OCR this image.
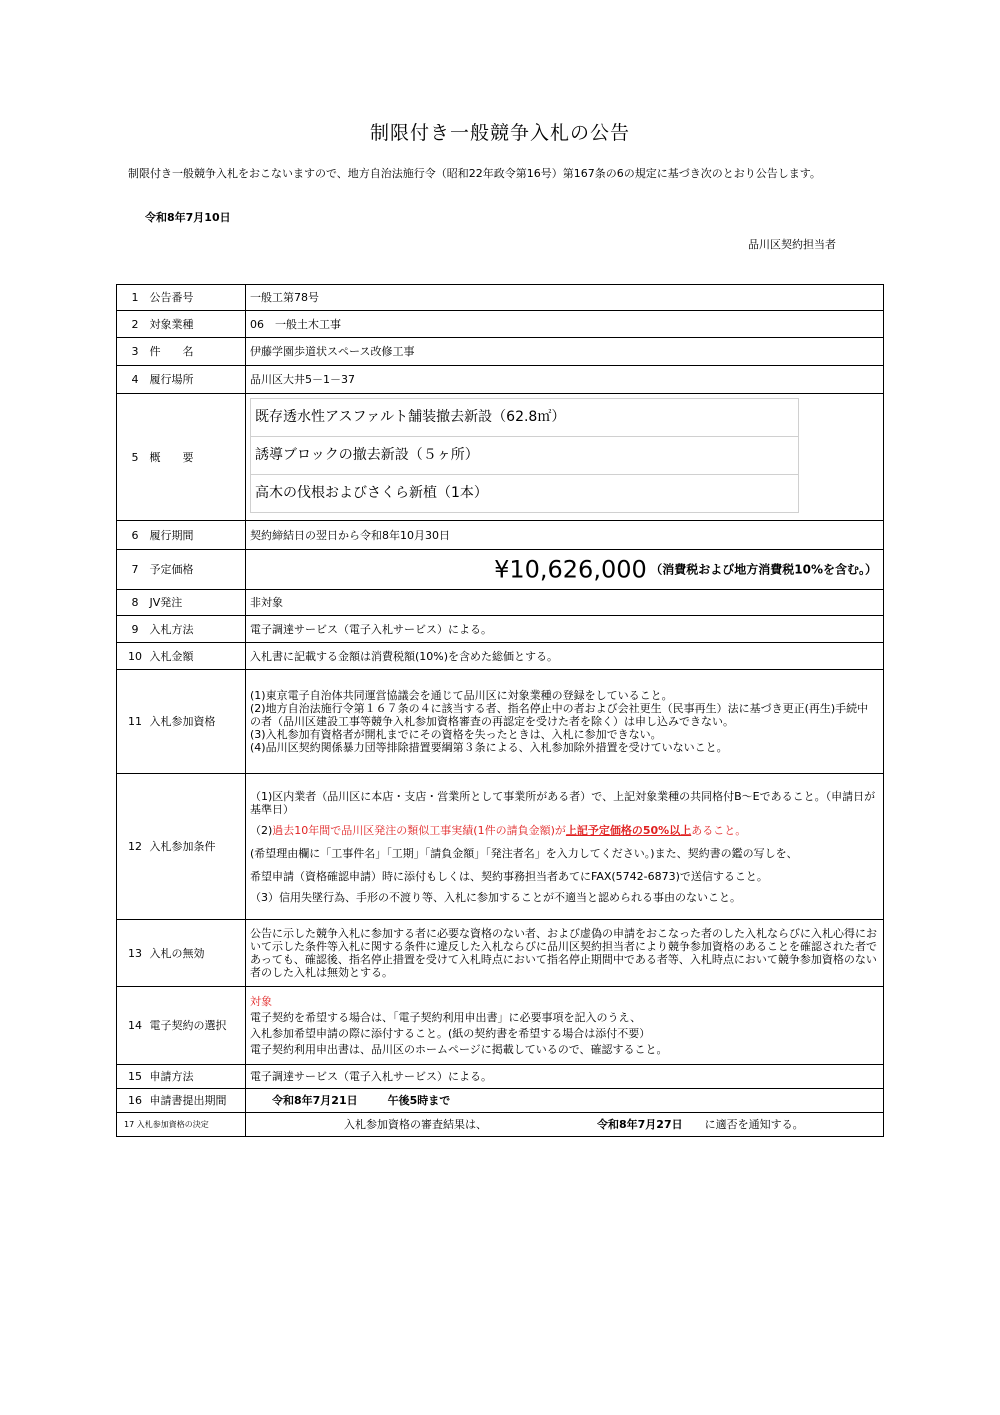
制限付き一般競争入札の公告
制限付き一般競争入札をおこないますので、地方自治法施行令（昭和22年政令第16号）第167条の6の規定に基づき次のとおり公告します。
令和8年7月10日
品川区契約担当者
1 公告番号	一般工第78号
2 対象業種	06　一般土木工事
3 件　　名	伊藤学園歩道状スペース改修工事
4 履行場所	品川区大井5－1－37
5 概　　要	既存透水性アスファルト舗装撤去新設（62.8㎡）
誘導ブロックの撤去新設（５ヶ所）
高木の伐根およびさくら新植（1本）

6 履行期間	契約締結日の翌日から令和8年10月30日
7 予定価格	¥10,626,000 （消費税および地方消費税10%を含む。）
8 JV発注	非対象
9 入札方法	電子調達サービス（電子入札サービス）による。
10 入札金額	入札書に記載する金額は消費税額(10%)を含めた総価とする。
11 入札参加資格	(1)東京電子自治体共同運営協議会を通じて品川区に対象業種の登録をしていること。

(2)地方自治法施行令第１６７条の４に該当する者、指名停止中の者および会社更生（民事再生）法に基づき更正(再生)手続中の者（品川区建設工事等競争入札参加資格審査の再認定を受けた者を除く）は申し込みできない。

(3)入札参加有資格者が開札までにその資格を失ったときは、入札に参加できない。

(4)品川区契約関係暴力団等排除措置要綱第３条による、入札参加除外措置を受けていないこと。

12 入札参加条件	（1)区内業者（品川区に本店・支店・営業所として事業所がある者）で、上記対象業種の共同格付B～Eであること。（申請日が基準日）

（2)過去10年間で品川区発注の類似工事実績(1件の請負金額)が上記予定価格の50%以上あること。

(希望理由欄に「工事件名」「工期」「請負金額」「発注者名」を入力してください。)また、契約書の鑑の写しを、

希望申請（資格確認申請）時に添付もしくは、契約事務担当者あてにFAX(5742-6873)で送信すること。

（3）信用失墜行為、手形の不渡り等、入札に参加することが不適当と認められる事由のないこと。

13 入札の無効	公告に示した競争入札に参加する者に必要な資格のない者、および虚偽の申請をおこなった者のした入札ならびに入札心得において示した条件等入札に関する条件に違反した入札ならびに品川区契約担当者により競争参加資格のあることを確認された者であっても、確認後、指名停止措置を受けて入札時点において指名停止期間中である者等、入札時点において競争参加資格のない者のした入札は無効とする。
14 電子契約の選択	対象

電子契約を希望する場合は、「電子契約利用申出書」に必要事項を記入のうえ、

入札参加希望申請の際に添付すること。(紙の契約書を希望する場合は添付不要）

電子契約利用申出書は、品川区のホームページに掲載しているので、確認すること。

15 申請方法	電子調達サービス（電子入札サービス）による。
16 申請書提出期間	令和8年7月21日 午後5時まで
17 入札参加資格の決定	入札参加資格の審査結果は、 令和8年7月27日 に適否を通知する。
